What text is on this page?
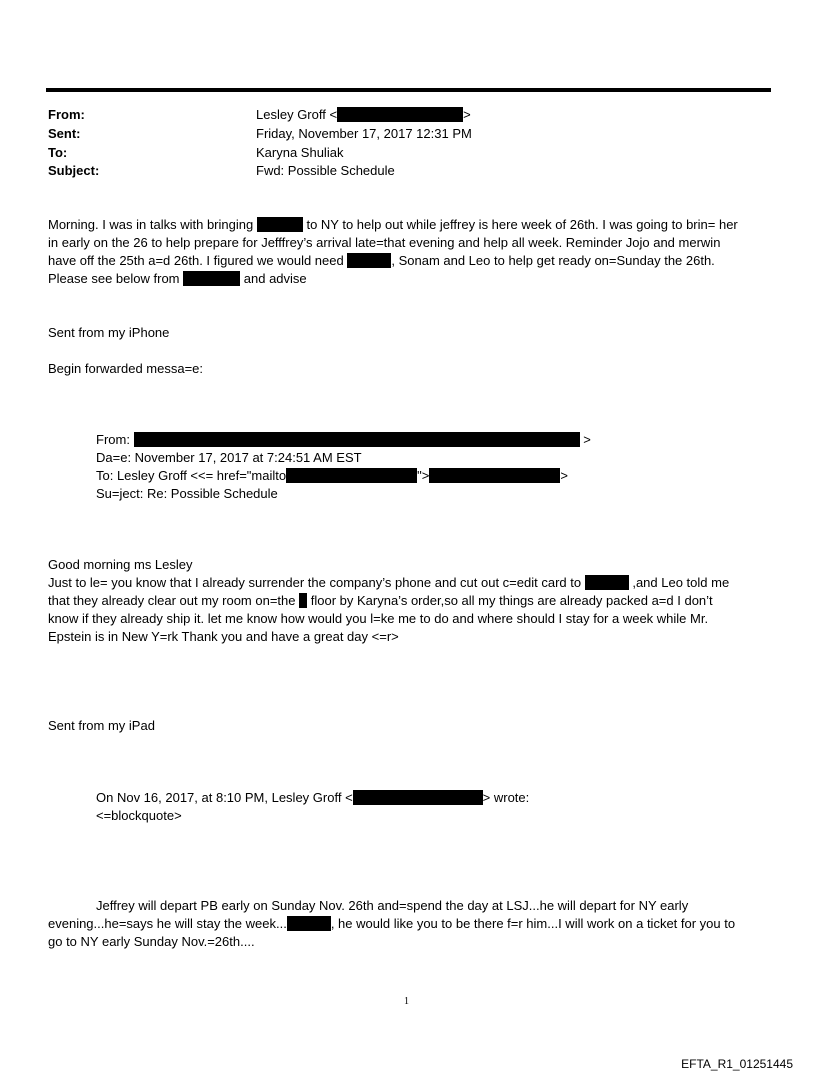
From:	Lesley Groff <	>
Sent:	Friday, November 17, 2017 12:31 PM
To:	Karyna Shuliak
Subject:	Fwd: Possible Schedule
Morning. I was in talks with bringing	to NY to help out while jeffrey is here week of 26th. I was going to brin= her
in early on the 26 to help prepare for Jefffrey’s arrival late=that evening and help all week. Reminder Jojo and merwin
have off the 25th a=d 26th. I figured we would need	, Sonam and Leo to help get ready on=Sunday the 26th.
Please see below from	and advise
Sent from my iPhone
Begin forwarded messa=e:
From:	>
Da=e: November 17, 2017 at 7:24:51 AM EST
To: Lesley Groff <<= href="mailto	">	>
Su=ject: Re: Possible Schedule
Good morning ms Lesley
Just to le= you know that I already surrender the company’s phone and cut out c=edit card to	,and Leo told me
that they already clear out my room on=the floor by Karyna’s order,so all my things are already packed a=d I don’t
know if they already ship it. let me know how would you l=ke me to do and where should I stay for a week while Mr.
Epstein is in New Y=rk Thank you and have a great day <=r>
Sent from my iPad
On Nov 16, 2017, at 8:10 PM, Lesley Groff <	> wrote:
<=blockquote>
Jeffrey will depart PB early on Sunday Nov. 26th and=spend the day at LSJ...he will depart for NY early
evening...he=says he will stay the week...	, he would like you to be there f=r him...I will work on a ticket for you to
go to NY early Sunday Nov.=26th....
1
EFTA_R1_01251445
